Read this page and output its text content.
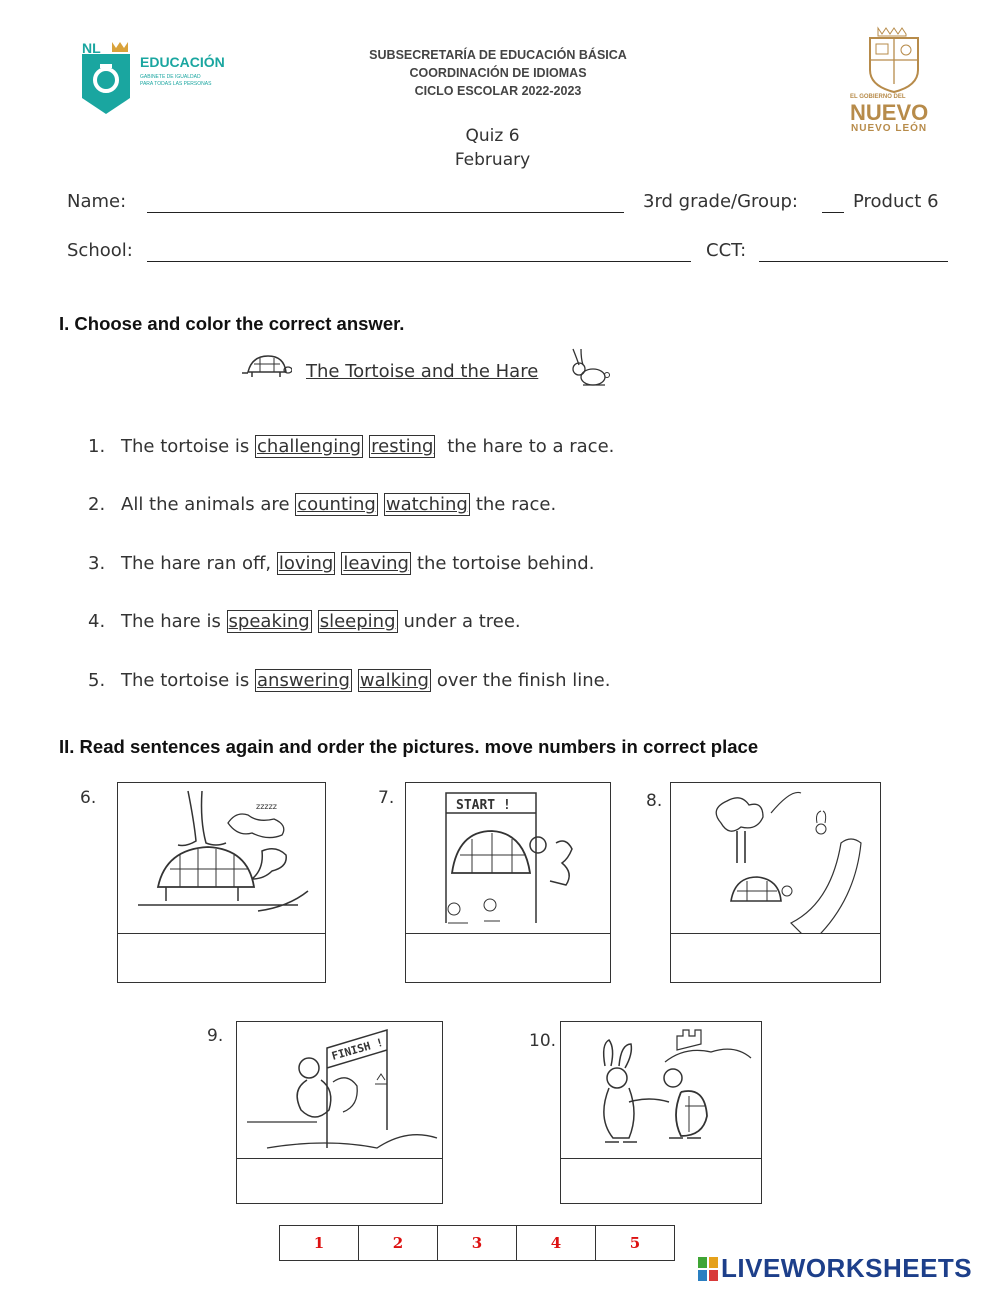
NL
EDUCACIÓN
GABINETE DE IGUALDAD
PARA TODAS LAS PERSONAS
SUBSECRETARÍA DE EDUCACIÓN BÁSICA
COORDINACIÓN DE IDIOMAS
CICLO ESCOLAR 2022-2023	EL GOBIERNO DEL
NUEVO
NUEVO LEÓN
Quiz 6
February
Name:	3rd grade/Group:	Product 6
School:	CCT:
I. Choose and color the correct answer.
The Tortoise and the Hare
1. The tortoise is challenging resting the hare to a race.
2. All the animals are counting watching the race.
3. The hare ran off, loving leaving the tortoise behind.
4. The hare is speaking sleeping under a tree.
5. The tortoise is answering walking over the finish line.
II. Read sentences again and order the pictures. move numbers in correct place
6.	zzzzz	7.	START !	8.
9.	FINISH !	10.
1	2	3	4	5
LIVEWORKSHEETS
